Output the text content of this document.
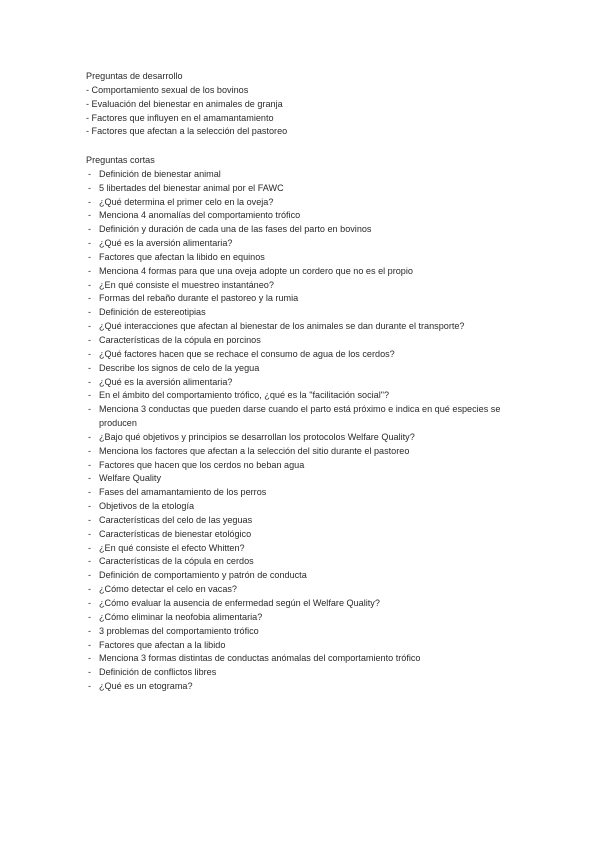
Preguntas de desarrollo
- Comportamiento sexual de los bovinos
- Evaluación del bienestar en animales de granja
- Factores que influyen en el amamantamiento
- Factores que afectan a la selección del pastoreo
Preguntas cortas
- Definición de bienestar animal
- 5 libertades del bienestar animal por el FAWC
- ¿Qué determina el primer celo en la oveja?
- Menciona 4 anomalías del comportamiento trófico
- Definición y duración de cada una de las fases del parto en bovinos
- ¿Qué es la aversión alimentaria?
- Factores que afectan la libido en equinos
- Menciona 4 formas para que una oveja adopte un cordero que no es el propio
- ¿En qué consiste el muestreo instantáneo?
- Formas del rebaño durante el pastoreo y la rumia
- Definición de estereotipias
- ¿Qué interacciones que afectan al bienestar de los animales se dan durante el transporte?
- Características de la cópula en porcinos
- ¿Qué factores hacen que se rechace el consumo de agua de los cerdos?
- Describe los signos de celo de la yegua
- ¿Qué es la aversión alimentaria?
- En el ámbito del comportamiento trófico, ¿qué es la "facilitación social"?
- Menciona 3 conductas que pueden darse cuando el parto está próximo e indica en qué especies se producen
- ¿Bajo qué objetivos y principios se desarrollan los protocolos Welfare Quality?
- Menciona los factores que afectan a la selección del sitio durante el pastoreo
- Factores que hacen que los cerdos no beban agua
- Welfare Quality
- Fases del amamantamiento de los perros
- Objetivos de la etología
- Características del celo de las yeguas
- Características de bienestar etológico
- ¿En qué consiste el efecto Whitten?
- Características de la cópula en cerdos
- Definición de comportamiento y patrón de conducta
- ¿Cómo detectar el celo en vacas?
- ¿Cómo evaluar la ausencia de enfermedad según el Welfare Quality?
- ¿Cómo eliminar la neofobia alimentaria?
- 3 problemas del comportamiento trófico
- Factores que afectan a la libido
- Menciona 3 formas distintas de conductas anómalas del comportamiento trófico
- Definición de conflictos libres
- ¿Qué es un etograma?
